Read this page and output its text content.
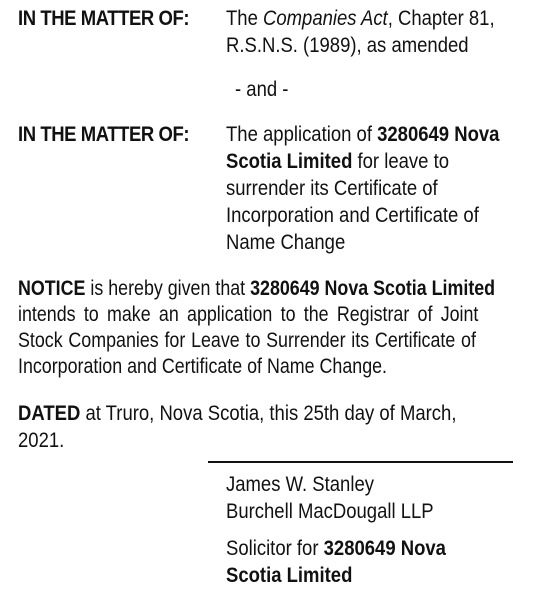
IN THE MATTER OF: The Companies Act, Chapter 81,
R.S.N.S. (1989), as amended
- and -
IN THE MATTER OF: The application of 3280649 Nova
Scotia Limited for leave to
surrender its Certificate of
Incorporation and Certificate of
Name Change
NOTICE is hereby given that 3280649 Nova Scotia Limited
intends to make an application to the Registrar of Joint
Stock Companies for Leave to Surrender its Certificate of
Incorporation and Certificate of Name Change.
DATED at Truro, Nova Scotia, this 25th day of March,
2021.
James W. Stanley
Burchell MacDougall LLP
Solicitor for 3280649 Nova
Scotia Limited
